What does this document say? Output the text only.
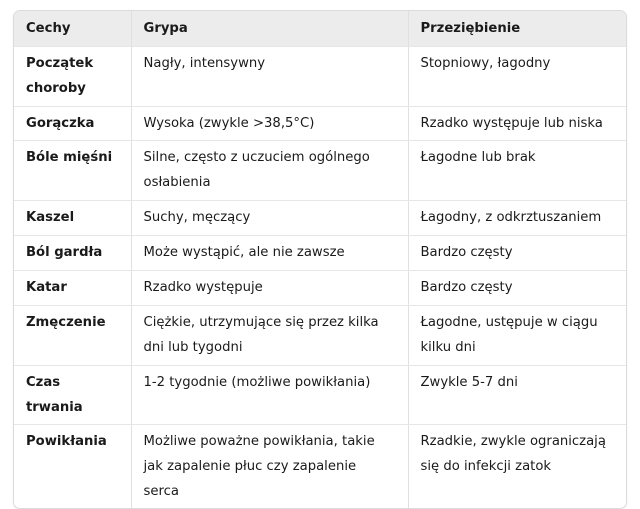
Cechy	Grypa	Przeziębienie
Początek choroby	Nagły, intensywny	Stopniowy, łagodny
Gorączka	Wysoka (zwykle >38,5°C)	Rzadko występuje lub niska
Bóle mięśni	Silne, często z uczuciem ogólnego osłabienia	Łagodne lub brak
Kaszel	Suchy, męczący	Łagodny, z odkrztuszaniem
Ból gardła	Może wystąpić, ale nie zawsze	Bardzo częsty
Katar	Rzadko występuje	Bardzo częsty
Zmęczenie	Ciężkie, utrzymujące się przez kilka dni lub tygodni	Łagodne, ustępuje w ciągu kilku dni
Czas trwania	1-2 tygodnie (możliwe powikłania)	Zwykle 5-7 dni
Powikłania	Możliwe poważne powikłania, takie jak zapalenie płuc czy zapalenie serca	Rzadkie, zwykle ograniczają się do infekcji zatok
